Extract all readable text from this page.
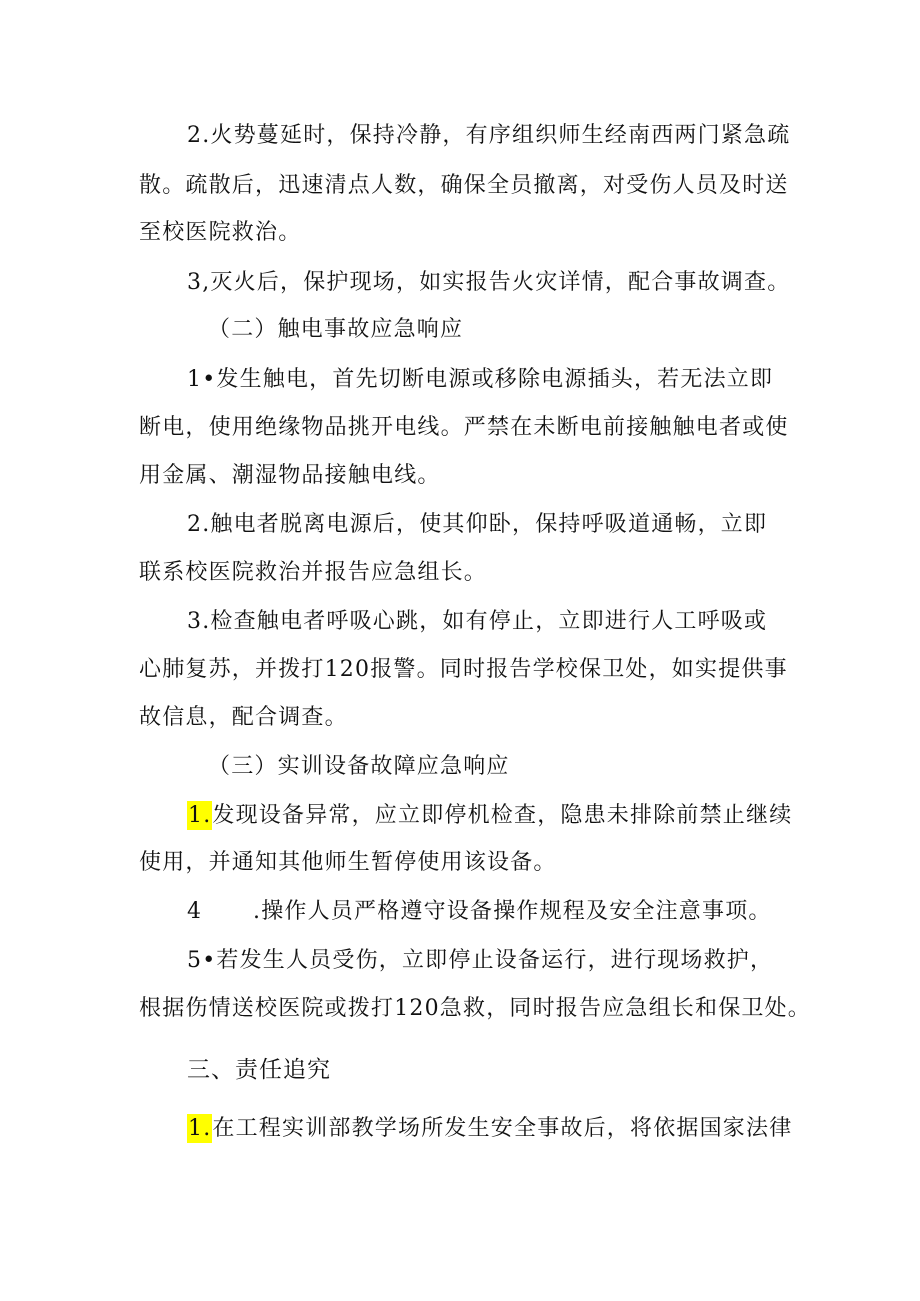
2.火势蔓延时，保持冷静，有序组织师生经南西两门紧急疏
散。疏散后，迅速清点人数，确保全员撤离，对受伤人员及时送
至校医院救治。
3,灭火后，保护现场，如实报告火灾详情，配合事故调查。
（二）触电事故应急响应
1•发生触电，首先切断电源或移除电源插头，若无法立即
断电，使用绝缘物品挑开电线。严禁在未断电前接触触电者或使
用金属、潮湿物品接触电线。
2.触电者脱离电源后，使其仰卧，保持呼吸道通畅，立即
联系校医院救治并报告应急组长。
3.检查触电者呼吸心跳，如有停止，立即进行人工呼吸或
心肺复苏，并拨打120报警。同时报告学校保卫处，如实提供事
故信息，配合调查。
（三）实训设备故障应急响应
1.发现设备异常，应立即停机检查，隐患未排除前禁止继续
使用，并通知其他师生暂停使用该设备。
4 .操作人员严格遵守设备操作规程及安全注意事项。
5•若发生人员受伤，立即停止设备运行，进行现场救护，
根据伤情送校医院或拨打120急救，同时报告应急组长和保卫处。
三、责任追究
1.在工程实训部教学场所发生安全事故后，将依据国家法律
